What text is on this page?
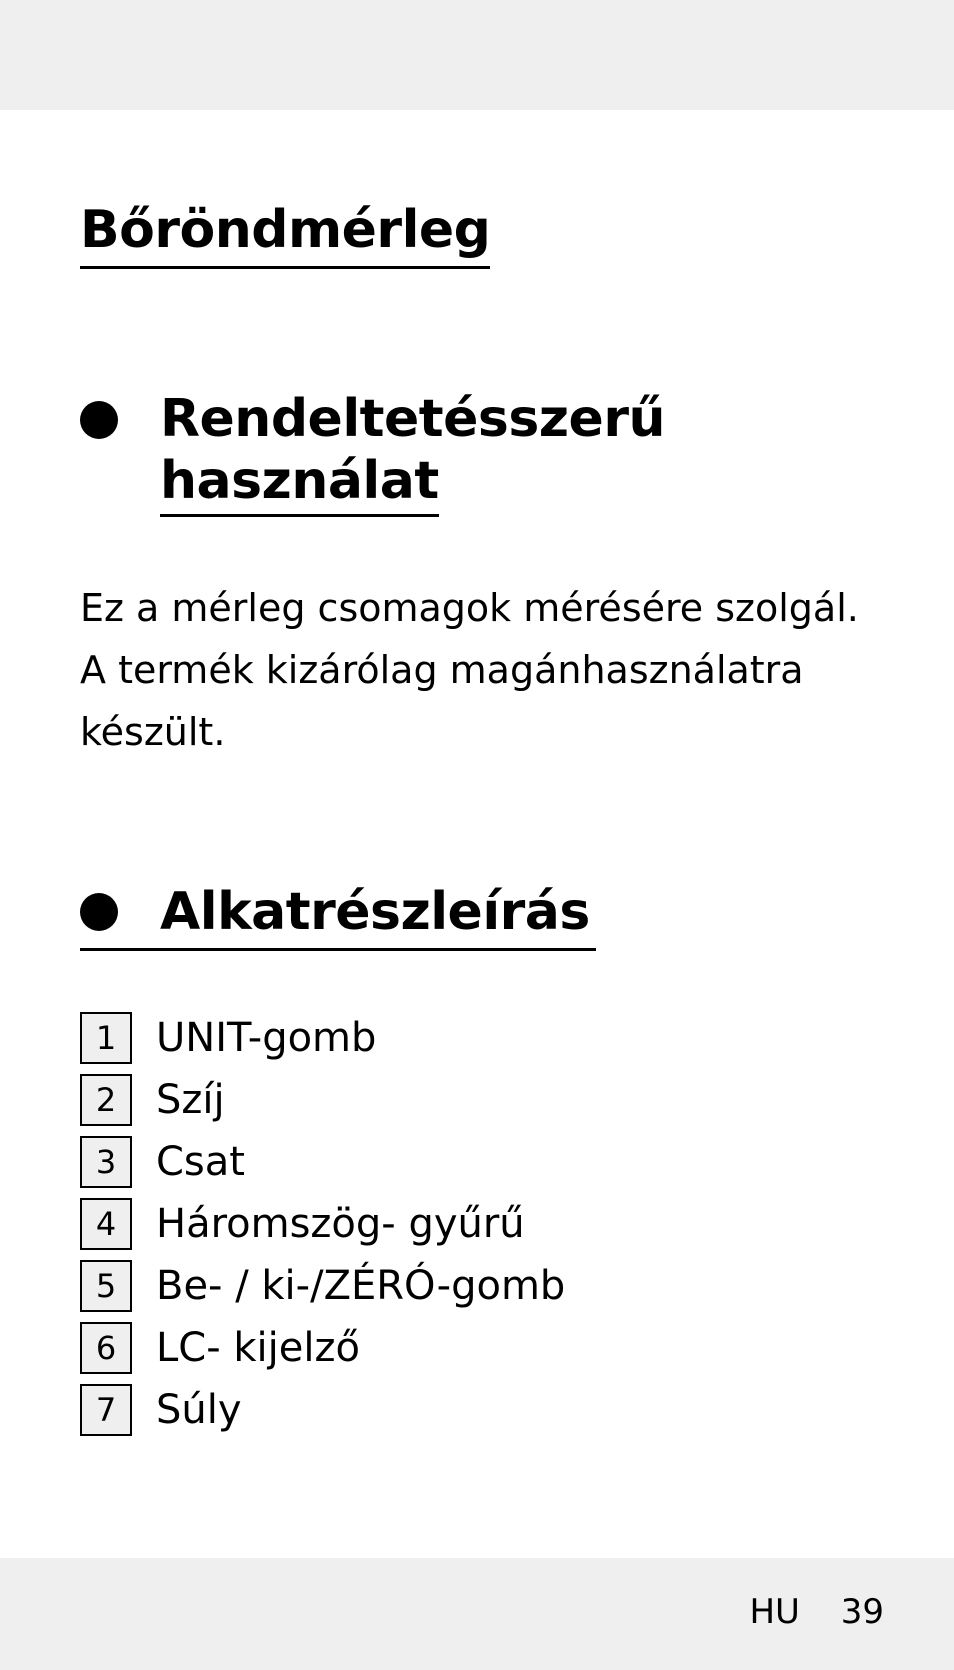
Bőröndmérleg
Rendeltetésszerű
használat
Ez a mérleg csomagok mérésére szolgál.
A termék kizárólag magánhasználatra
készült.
Alkatrészleírás
1 UNIT-gomb
2 Szíj
3 Csat
4 Háromszög- gyűrű
5 Be- / ki-/ZÉRÓ-gomb
6 LC- kijelző
7 Súly
HU 39
